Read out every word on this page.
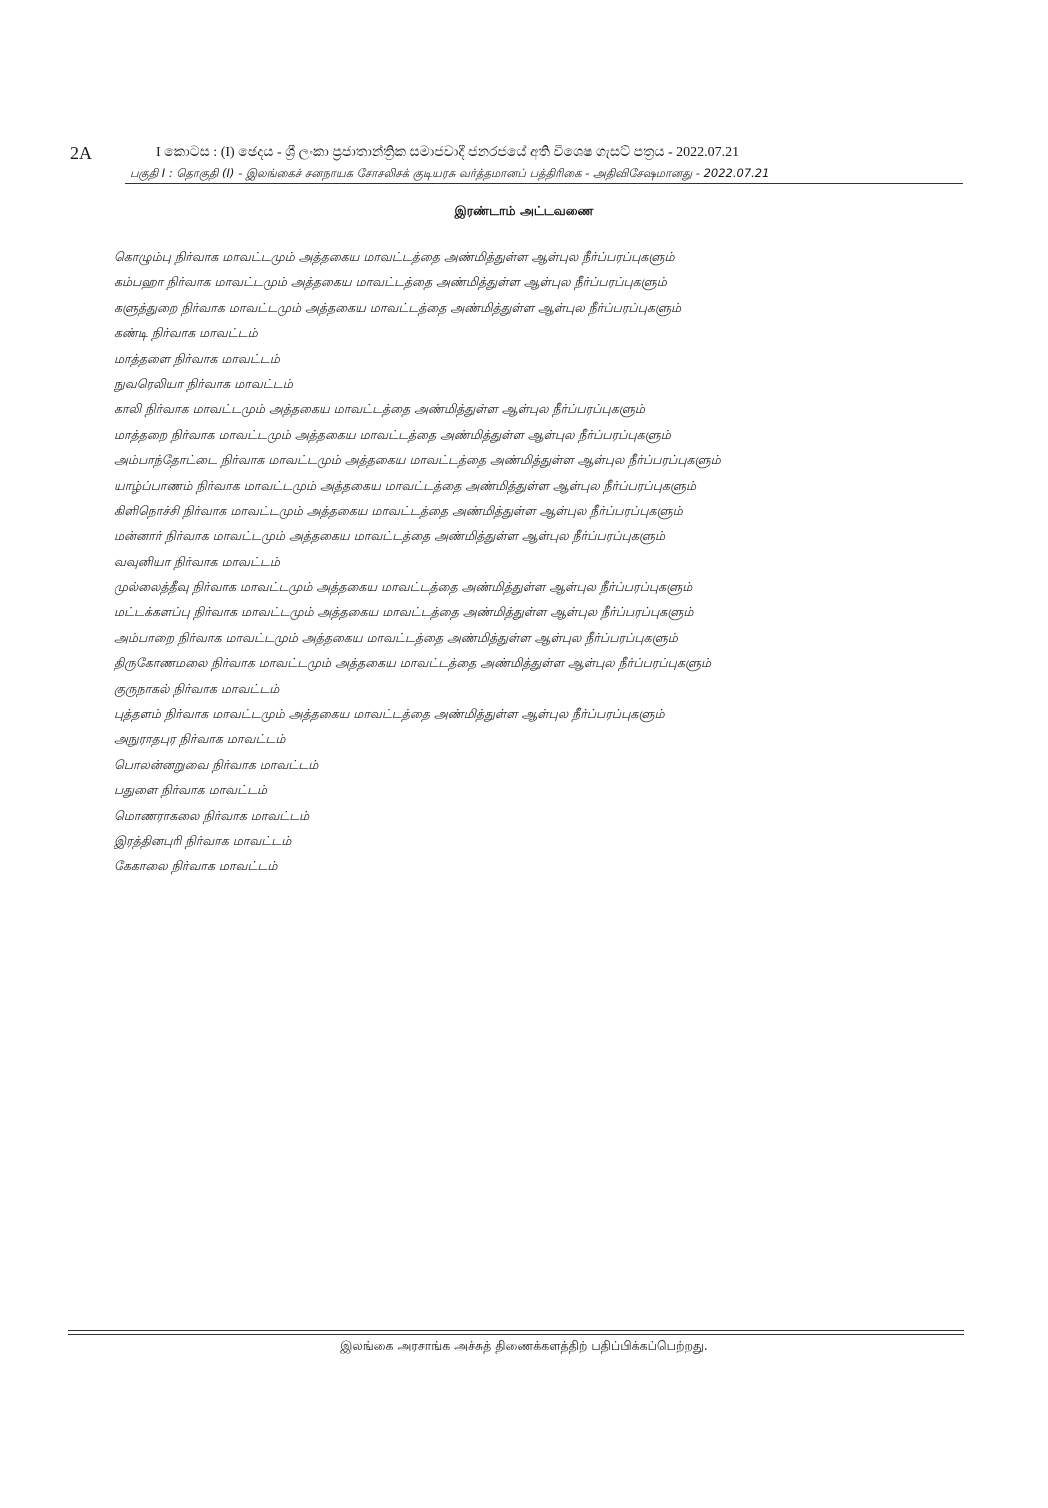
2A	I කොටස : (I) ඡෙදය - ශ්‍රී ලංකා ප්‍රජාතාන්ත්‍රික සමාජවාදී ජනරජයේ අති විශෙෂ ගැසට් පත්‍රය - 2022.07.21
பகுதி I : தொகுதி (I) - இலங்கைச் சனநாயக சோசலிசக் குடியரசு வர்த்தமானப் பத்திரிகை - அதிவிசேஷமானது - 2022.07.21
இரண்டாம் அட்டவணை
கொழும்பு நிர்வாக மாவட்டமும் அத்தகைய மாவட்டத்தை அண்மித்துள்ள ஆள்புல நீர்ப்பரப்புகளும்
கம்பஹா நிர்வாக மாவட்டமும் அத்தகைய மாவட்டத்தை அண்மித்துள்ள ஆள்புல நீர்ப்பரப்புகளும்
களுத்துறை நிர்வாக மாவட்டமும் அத்தகைய மாவட்டத்தை அண்மித்துள்ள ஆள்புல நீர்ப்பரப்புகளும்
கண்டி நிர்வாக மாவட்டம்
மாத்தளை நிர்வாக மாவட்டம்
நுவரெலியா நிர்வாக மாவட்டம்
காலி நிர்வாக மாவட்டமும் அத்தகைய மாவட்டத்தை அண்மித்துள்ள ஆள்புல நீர்ப்பரப்புகளும்
மாத்தறை நிர்வாக மாவட்டமும் அத்தகைய மாவட்டத்தை அண்மித்துள்ள ஆள்புல நீர்ப்பரப்புகளும்
அம்பாந்தோட்டை நிர்வாக மாவட்டமும் அத்தகைய மாவட்டத்தை அண்மித்துள்ள ஆள்புல நீர்ப்பரப்புகளும்
யாழ்ப்பாணம் நிர்வாக மாவட்டமும் அத்தகைய மாவட்டத்தை அண்மித்துள்ள ஆள்புல நீர்ப்பரப்புகளும்
கிளிநொச்சி நிர்வாக மாவட்டமும் அத்தகைய மாவட்டத்தை அண்மித்துள்ள ஆள்புல நீர்ப்பரப்புகளும்
மன்னார் நிர்வாக மாவட்டமும் அத்தகைய மாவட்டத்தை அண்மித்துள்ள ஆள்புல நீர்ப்பரப்புகளும்
வவுனியா நிர்வாக மாவட்டம்
முல்லைத்தீவு நிர்வாக மாவட்டமும் அத்தகைய மாவட்டத்தை அண்மித்துள்ள ஆள்புல நீர்ப்பரப்புகளும்
மட்டக்களப்பு நிர்வாக மாவட்டமும் அத்தகைய மாவட்டத்தை அண்மித்துள்ள ஆள்புல நீர்ப்பரப்புகளும்
அம்பாறை நிர்வாக மாவட்டமும் அத்தகைய மாவட்டத்தை அண்மித்துள்ள ஆள்புல நீர்ப்பரப்புகளும்
திருகோணமலை நிர்வாக மாவட்டமும் அத்தகைய மாவட்டத்தை அண்மித்துள்ள ஆள்புல நீர்ப்பரப்புகளும்
குருநாகல் நிர்வாக மாவட்டம்
புத்தளம் நிர்வாக மாவட்டமும் அத்தகைய மாவட்டத்தை அண்மித்துள்ள ஆள்புல நீர்ப்பரப்புகளும்
அநுராதபுர நிர்வாக மாவட்டம்
பொலன்னறுவை நிர்வாக மாவட்டம்
பதுளை நிர்வாக மாவட்டம்
மொணராகலை நிர்வாக மாவட்டம்
இரத்தினபுரி நிர்வாக மாவட்டம்
கேகாலை நிர்வாக மாவட்டம்
இலங்கை அரசாங்க அச்சுத் திணைக்களத்திற் பதிப்பிக்கப்பெற்றது.
